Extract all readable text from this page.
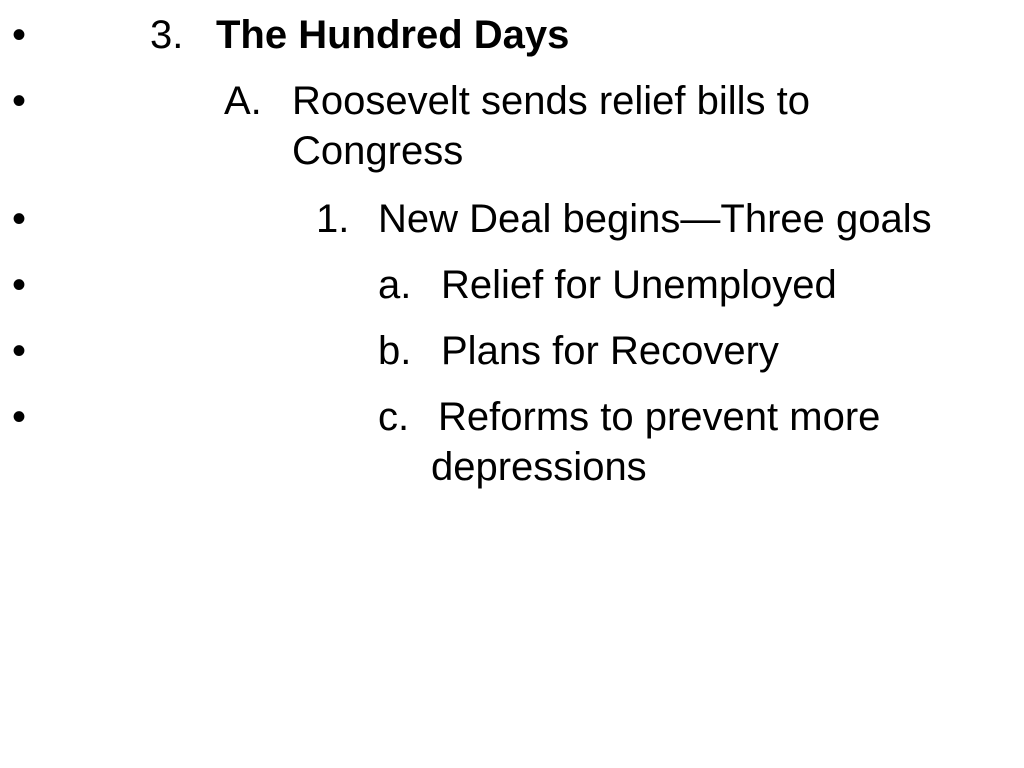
•	3. The Hundred Days
•	A. Roosevelt sends relief bills to
Congress
•	1. New Deal begins—Three goals
•	a. Relief for Unemployed
•	b. Plans for Recovery
•	c. Reforms to prevent more
depressions
